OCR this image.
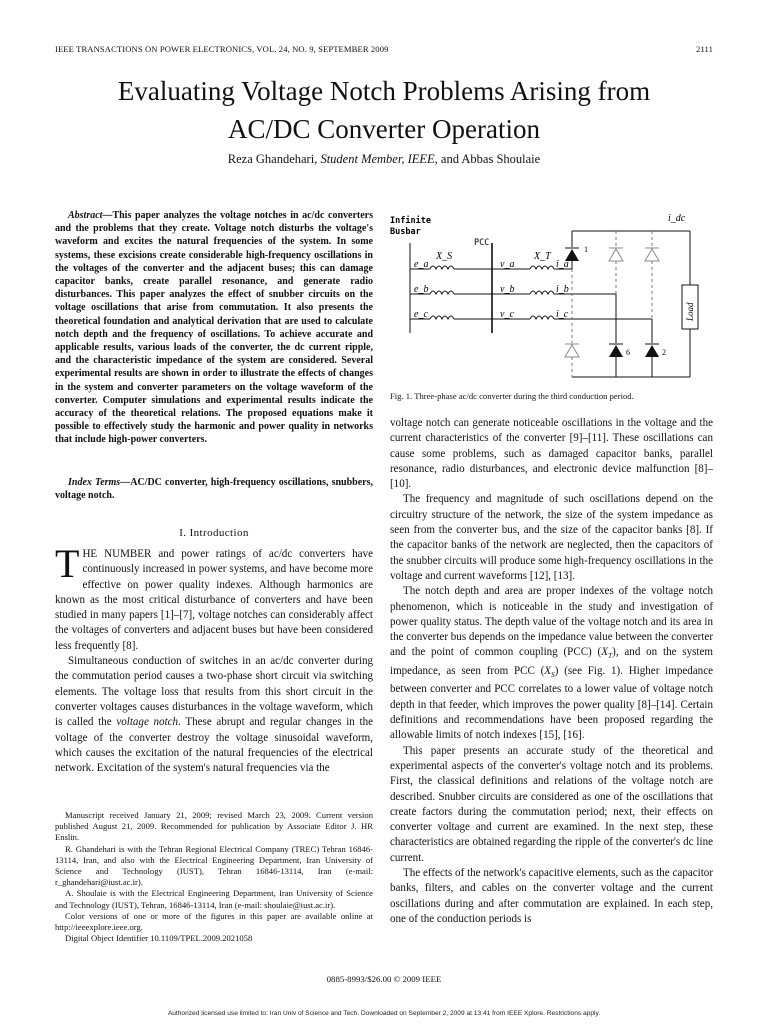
IEEE TRANSACTIONS ON POWER ELECTRONICS, VOL. 24, NO. 9, SEPTEMBER 2009	2111
Evaluating Voltage Notch Problems Arising from
AC/DC Converter Operation
Reza Ghandehari, Student Member, IEEE, and Abbas Shoulaie

Abstract—This paper analyzes the voltage notches in ac/dc converters and the problems that they create. Voltage notch disturbs the voltage's waveform and excites the natural frequencies of the system. In some systems, these excisions create considerable high-frequency oscillations in the voltages of the converter and the adjacent buses; this can damage capacitor banks, create parallel resonance, and generate radio disturbances. This paper analyzes the effect of snubber circuits on the voltage oscillations that arise from commutation. It also presents the theoretical foundation and analytical derivation that are used to calculate notch depth and the frequency of oscillations. To achieve accurate and applicable results, various loads of the converter, the dc current ripple, and the characteristic impedance of the system are considered. Several experimental results are shown in order to illustrate the effects of changes in the system and converter parameters on the voltage waveform of the converter. Computer simulations and experimental results indicate the accuracy of the theoretical relations. The proposed equations make it possible to effectively study the harmonic and power quality in networks that include high-power converters.

Index Terms—AC/DC converter, high-frequency oscillations, snubbers, voltage notch.

I. Introduction

THE NUMBER and power ratings of ac/dc converters have continuously increased in power systems, and have become more effective on power quality indexes. Although harmonics are known as the most critical disturbance of converters and have been studied in many papers [1]–[7], voltage notches can considerably affect the voltages of converters and adjacent buses but have been considered less frequently [8].

Simultaneous conduction of switches in an ac/dc converter during the commutation period causes a two-phase short circuit via switching elements. The voltage loss that results from this short circuit in the converter voltages causes disturbances in the voltage waveform, which is called the voltage notch. These abrupt and regular changes in the voltage of the converter destroy the voltage sinusoidal waveform, which causes the excitation of the natural frequencies of the electrical network. Excitation of the system's natural frequencies via the

Manuscript received January 21, 2009; revised March 23, 2009. Current version published August 21, 2009. Recommended for publication by Associate Editor J. HR Enslin.

R. Ghandehari is with the Tehran Regional Electrical Company (TREC) Tehran 16846-13114, Iran, and also with the Electrical Engineering Department, Iran University of Science and Technology (IUST), Tehran 16846-13114, Iran (e-mail: r_ghandehari@iust.ac.ir).

A. Shoulaie is with the Electrical Engineering Department, Iran University of Science and Technology (IUST), Tehran, 16846-13114, Iran (e-mail: shoulaie@iust.ac.ir).

Color versions of one or more of the figures in this paper are available online at http://ieeexplore.ieee.org.

Digital Object Identifier 10.1109/TPEL.2009.2021058

Infinite
Busbar
PCC
i_dc
X_S	X_T
e_a
e_b
e_c
v_a
v_b
v_c
i_a
i_b
i_c
1
6	2
Load
Fig. 1. Three-phase ac/dc converter during the third conduction period.

voltage notch can generate noticeable oscillations in the voltage and the current characteristics of the converter [9]–[11]. These oscillations can cause some problems, such as damaged capacitor banks, parallel resonance, radio disturbances, and electronic device malfunction [8]–[10].

The frequency and magnitude of such oscillations depend on the circuitry structure of the network, the size of the system impedance as seen from the converter bus, and the size of the capacitor banks [8]. If the capacitor banks of the network are neglected, then the capacitors of the snubber circuits will produce some high-frequency oscillations in the voltage and current waveforms [12], [13].

The notch depth and area are proper indexes of the voltage notch phenomenon, which is noticeable in the study and investigation of power quality status. The depth value of the voltage notch and its area in the converter bus depends on the impedance value between the converter and the point of common coupling (PCC) $(X_T)$, and on the system impedance, as seen from PCC $(X_S)$ (see Fig. 1). Higher impedance between converter and PCC correlates to a lower value of voltage notch depth in that feeder, which improves the power quality [8]–[14]. Certain definitions and recommendations have been proposed regarding the allowable limits of notch indexes [15], [16].

This paper presents an accurate study of the theoretical and experimental aspects of the converter's voltage notch and its problems. First, the classical definitions and relations of the voltage notch are described. Snubber circuits are considered as one of the oscillations that create factors during the commutation period; next, their effects on converter voltage and current are examined. In the next step, these characteristics are obtained regarding the ripple of the converter's dc line current.

The effects of the network's capacitive elements, such as the capacitor banks, filters, and cables on the converter voltage and the current oscillations during and after commutation are explained. In each step, one of the conduction periods is

0885-8993/$26.00 © 2009 IEEE
Authorized licensed use limited to: Iran Univ of Science and Tech. Downloaded on September 2, 2009 at 13:41 from IEEE Xplore. Restrictions apply.
